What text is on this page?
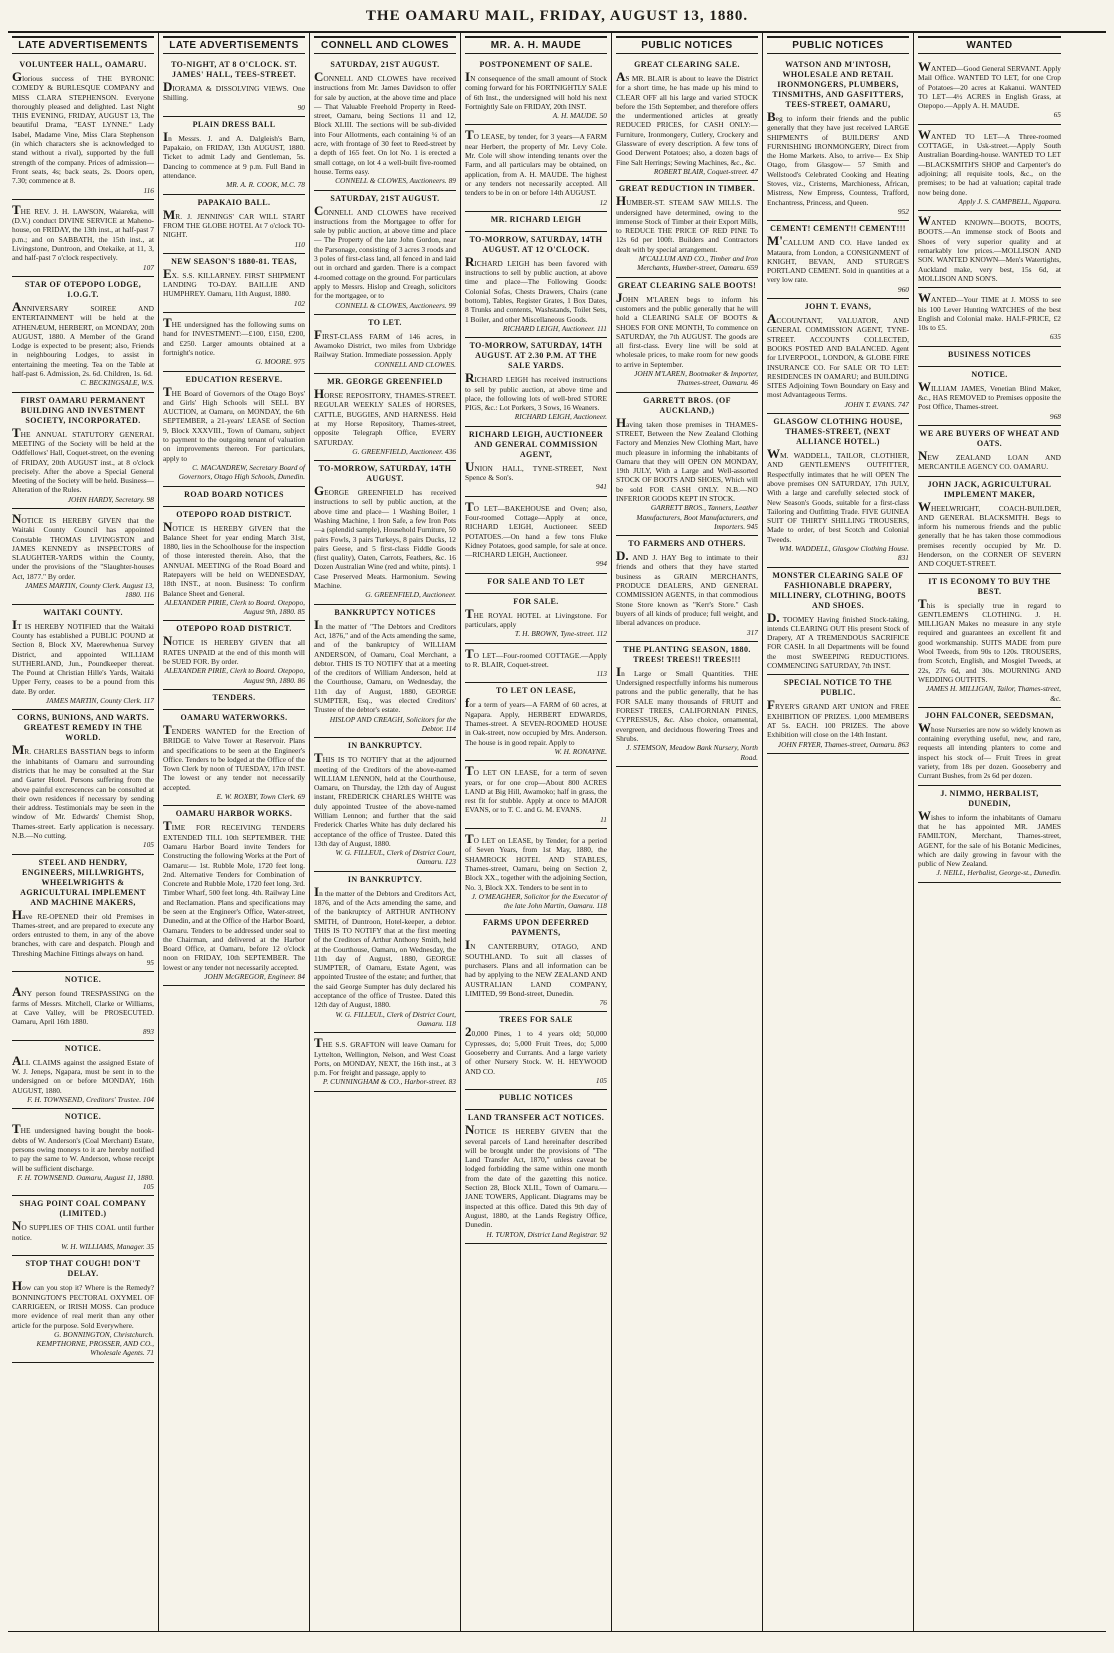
THE OAMARU MAIL, FRIDAY, AUGUST 13, 1880.
LATE ADVERTISEMENTS
VOLUNTEER HALL, OAMARU.

Glorious success of THE BYRONIC COMEDY & BURLESQUE COMPANY and MISS CLARA STEPHENSON. Everyone thoroughly pleased and delighted. Last Night THIS EVENING, FRIDAY, AUGUST 13, The beautiful Drama, "EAST LYNNE." Lady Isabel, Madame Vine, Miss Clara Stephenson (in which characters she is acknowledged to stand without a rival), supported by the full strength of the company. Prices of admission—Front seats, 4s; back seats, 2s. Doors open, 7.30; commence at 8.

116

THE REV. J. H. LAWSON, Waiareka, will (D.V.) conduct DIVINE SERVICE at Maheno-house, on FRIDAY, the 13th inst., at half-past 7 p.m.; and on SABBATH, the 15th inst., at Livingstone, Duntroon, and Otekaike, at 11, 3, and half-past 7 o'clock respectively.

107
STAR OF OTEPOPO LODGE, I.O.G.T.

ANNIVERSARY SOIREE AND ENTERTAINMENT will be held at the ATHENÆUM, HERBERT, on MONDAY, 20th AUGUST, 1880. A Member of the Grand Lodge is expected to be present; also, Friends in neighbouring Lodges, to assist in entertaining the meeting. Tea on the Table at half-past 6. Admission, 2s. 6d. Children, 1s. 6d.

C. BECKINGSALE, W.S.
FIRST OAMARU PERMANENT BUILDING AND INVESTMENT SOCIETY, INCORPORATED.

THE ANNUAL STATUTORY GENERAL MEETING of the Society will be held at the Oddfellows' Hall, Coquet-street, on the evening of FRIDAY, 20th AUGUST inst., at 8 o'clock precisely. After the above a Special General Meeting of the Society will be held. Business—Alteration of the Rules.

JOHN HARDY, Secretary. 98

NOTICE IS HEREBY GIVEN that the Waitaki County Council has appointed Constable THOMAS LIVINGSTON and JAMES KENNEDY as INSPECTORS of SLAUGHTER-YARDS within the County, under the provisions of the "Slaughter-houses Act, 1877." By order.

JAMES MARTIN, County Clerk. August 13, 1880. 116
WAITAKI COUNTY.

IT IS HEREBY NOTIFIED that the Waitaki County has established a PUBLIC POUND at Section 8, Block XV, Maerewhenua Survey District, and appointed WILLIAM SUTHERLAND, Jun., Poundkeeper thereat. The Pound at Christian Hille's Yards, Waitaki Upper Ferry, ceases to be a pound from this date. By order.

JAMES MARTIN, County Clerk. 117
CORNS, BUNIONS, AND WARTS. GREATEST REMEDY IN THE WORLD.

MR. CHARLES BASSTIAN begs to inform the inhabitants of Oamaru and surrounding districts that he may be consulted at the Star and Garter Hotel. Persons suffering from the above painful excrescences can be consulted at their own residences if necessary by sending their address. Testimonials may be seen in the window of Mr. Edwards' Chemist Shop, Thames-street. Early application is necessary. N.B.—No cutting.

105
STEEL AND HENDRY, ENGINEERS, MILLWRIGHTS, WHEELWRIGHTS & AGRICULTURAL IMPLEMENT AND MACHINE MAKERS,

Have RE-OPENED their old Premises in Thames-street, and are prepared to execute any orders entrusted to them, in any of the above branches, with care and despatch. Plough and Threshing Machine Fittings always on hand.

95
NOTICE.

ANY person found TRESPASSING on the farms of Messrs. Mitchell, Clarke or Williams, at Cave Valley, will be PROSECUTED. Oamaru, April 16th 1880.

893
NOTICE.

ALL CLAIMS against the assigned Estate of W. J. Jeneps, Ngapara, must be sent in to the undersigned on or before MONDAY, 16th AUGUST, 1880.

F. H. TOWNSEND, Creditors' Trustee. 104
NOTICE.

THE undersigned having bought the book-debts of W. Anderson's (Coal Merchant) Estate, persons owing moneys to it are hereby notified to pay the same to W. Anderson, whose receipt will be sufficient discharge.

F. H. TOWNSEND. Oamaru, August 11, 1880. 105
SHAG POINT COAL COMPANY (LIMITED.)

NO SUPPLIES OF THIS COAL until further notice.

W. H. WILLIAMS, Manager. 35
STOP THAT COUGH! DON'T DELAY.

How can you stop it? Where is the Remedy? BONNINGTON'S PECTORAL OXYMEL OF CARRIGEEN, or IRISH MOSS. Can produce more evidence of real merit than any other article for the purpose. Sold Everywhere.

G. BONNINGTON, Christchurch. KEMPTHORNE, PROSSER, AND CO., Wholesale Agents. 71
LATE ADVERTISEMENTS
TO-NIGHT, AT 8 O'CLOCK. ST. JAMES' HALL, TEES-STREET.

DIORAMA & DISSOLVING VIEWS. One Shilling.

90
PLAIN DRESS BALL

In Messrs. J. and A. Dalgleish's Barn, Papakaio, on FRIDAY, 13th AUGUST, 1880. Ticket to admit Lady and Gentleman, 5s. Dancing to commence at 9 p.m. Full Band in attendance.

MR. A. R. COOK, M.C. 78
PAPAKAIO BALL.

MR. J. JENNINGS' CAR WILL START FROM THE GLOBE HOTEL At 7 o'clock TO-NIGHT.

110
NEW SEASON'S 1880-81. TEAS,

EX. S.S. KILLARNEY. FIRST SHIPMENT LANDING TO-DAY. BAILLIE AND HUMPHREY. Oamaru, 11th August, 1880.

102

THE undersigned has the following sums on hand for INVESTMENT:—£100, £150, £200, and £250. Larger amounts obtained at a fortnight's notice.

G. MOORE. 975
EDUCATION RESERVE.

THE Board of Governors of the Otago Boys' and Girls' High Schools will SELL BY AUCTION, at Oamaru, on MONDAY, the 6th SEPTEMBER, a 21-years' LEASE of Section 9, Block XXXVIII., Town of Oamaru, subject to payment to the outgoing tenant of valuation on improvements thereon. For particulars, apply to

C. MACANDREW, Secretary Board of Governors, Otago High Schools, Dunedin.
ROAD BOARD NOTICES

OTEPOPO ROAD DISTRICT.

NOTICE IS HEREBY GIVEN that the Balance Sheet for year ending March 31st, 1880, lies in the Schoolhouse for the inspection of those interested therein. Also, that the ANNUAL MEETING of the Road Board and Ratepayers will be held on WEDNESDAY, 18th INST., at noon. Business: To confirm Balance Sheet and General.

ALEXANDER PIRIE, Clerk to Board. Otepopo, August 9th, 1880. 85
OTEPOPO ROAD DISTRICT.

NOTICE IS HEREBY GIVEN that all RATES UNPAID at the end of this month will be SUED FOR. By order.

ALEXANDER PIRIE, Clerk to Board. Otepopo, August 9th, 1880. 86
TENDERS.

OAMARU WATERWORKS.

TENDERS WANTED for the Erection of BRIDGE to Valve Tower at Reservoir. Plans and specifications to be seen at the Engineer's Office. Tenders to be lodged at the Office of the Town Clerk by noon of TUESDAY, 17th INST. The lowest or any tender not necessarily accepted.

E. W. ROXBY, Town Clerk. 69
OAMARU HARBOR WORKS.

TIME FOR RECEIVING TENDERS EXTENDED TILL 10th SEPTEMBER. THE Oamaru Harbor Board invite Tenders for Constructing the following Works at the Port of Oamaru:— 1st. Rubble Mole, 1720 feet long. 2nd. Alternative Tenders for Combination of Concrete and Rubble Mole, 1720 feet long. 3rd. Timber Wharf, 500 feet long. 4th. Railway Line and Reclamation. Plans and specifications may be seen at the Engineer's Office, Water-street, Dunedin, and at the Office of the Harbor Board, Oamaru. Tenders to be addressed under seal to the Chairman, and delivered at the Harbor Board Office, at Oamaru, before 12 o'clock noon on FRIDAY, 10th SEPTEMBER. The lowest or any tender not necessarily accepted.

JOHN McGREGOR, Engineer. 84
CONNELL AND CLOWES
SATURDAY, 21ST AUGUST.

CONNELL AND CLOWES have received instructions from Mr. James Davidson to offer for sale by auction, at the above time and place— That Valuable Freehold Property in Reed-street, Oamaru, being Sections 11 and 12, Block XLIII. The sections will be sub-divided into Four Allotments, each containing ¼ of an acre, with frontage of 30 feet to Reed-street by a depth of 165 feet. On lot No. 1 is erected a small cottage, on lot 4 a well-built five-roomed house. Terms easy.

CONNELL & CLOWES, Auctioneers. 89
SATURDAY, 21ST AUGUST.

CONNELL AND CLOWES have received instructions from the Mortgagee to offer for sale by public auction, at above time and place— The Property of the late John Gordon, near the Parsonage, consisting of 3 acres 3 roods and 3 poles of first-class land, all fenced in and laid out in orchard and garden. There is a compact 4-roomed cottage on the ground. For particulars apply to Messrs. Hislop and Creagh, solicitors for the mortgagee, or to

CONNELL & CLOWES, Auctioneers. 99
TO LET.

FIRST-CLASS FARM of 146 acres, in Awamoko District, two miles from Uxbridge Railway Station. Immediate possession. Apply

CONNELL AND CLOWES.
MR. GEORGE GREENFIELD

HORSE REPOSITORY, THAMES-STREET. REGULAR WEEKLY SALES of HORSES, CATTLE, BUGGIES, AND HARNESS. Held at my Horse Repository, Thames-street, opposite Telegraph Office, EVERY SATURDAY.

G. GREENFIELD, Auctioneer. 436
TO-MORROW, SATURDAY, 14TH AUGUST.

GEORGE GREENFIELD has received instructions to sell by public auction, at the above time and place— 1 Washing Boiler, 1 Washing Machine, 1 Iron Safe, a few Iron Pots—a (splendid sample), Household Furniture, 50 pairs Fowls, 3 pairs Turkeys, 8 pairs Ducks, 12 pairs Geese, and 5 first-class Fiddle Goods (first quality), Oaten, Carrots, Feathers, &c. 16 Dozen Australian Wine (red and white, pints). 1 Case Preserved Meats. Harmonium. Sewing Machine.

G. GREENFIELD, Auctioneer.
BANKRUPTCY NOTICES

In the matter of "The Debtors and Creditors Act, 1876," and of the Acts amending the same, and of the bankruptcy of WILLIAM ANDERSON, of Oamaru, Coal Merchant, a debtor. THIS IS TO NOTIFY that at a meeting of the creditors of William Anderson, held at the Courthouse, Oamaru, on Wednesday, the 11th day of August, 1880, GEORGE SUMPTER, Esq., was elected Creditors' Trustee of the debtor's estate.

HISLOP AND CREAGH, Solicitors for the Debtor. 114
IN BANKRUPTCY.

THIS IS TO NOTIFY that at the adjourned meeting of the Creditors of the above-named WILLIAM LENNON, held at the Courthouse, Oamaru, on Thursday, the 12th day of August instant, FREDERICK CHARLES WHITE was duly appointed Trustee of the above-named William Lennon; and further that the said Frederick Charles White has duly declared his acceptance of the office of Trustee. Dated this 13th day of August, 1880.

W. G. FILLEUL, Clerk of District Court, Oamaru. 123
IN BANKRUPTCY.

In the matter of the Debtors and Creditors Act, 1876, and of the Acts amending the same, and of the bankruptcy of ARTHUR ANTHONY SMITH, of Duntroon, Hotel-keeper, a debtor. THIS IS TO NOTIFY that at the first meeting of the Creditors of Arthur Anthony Smith, held at the Courthouse, Oamaru, on Wednesday, the 11th day of August, 1880, GEORGE SUMPTER, of Oamaru, Estate Agent, was appointed Trustee of the estate; and further, that the said George Sumpter has duly declared his acceptance of the office of Trustee. Dated this 12th day of August, 1880.

W. G. FILLEUL, Clerk of District Court, Oamaru. 118

THE S.S. GRAFTON will leave Oamaru for Lyttelton, Wellington, Nelson, and West Coast Ports, on MONDAY, NEXT, the 16th inst., at 3 p.m. For freight and passage, apply to

P. CUNNINGHAM & CO., Harbor-street. 83
MR. A. H. MAUDE
POSTPONEMENT OF SALE.

IN consequence of the small amount of Stock coming forward for his FORTNIGHTLY SALE of 6th Inst., the undersigned will hold his next Fortnightly Sale on FRIDAY, 20th INST.

A. H. MAUDE. 50

TO LEASE, by tender, for 3 years—A FARM near Herbert, the property of Mr. Levy Cole. Mr. Cole will show intending tenants over the Farm, and all particulars may be obtained, on application, from A. H. MAUDE. The highest or any tenders not necessarily accepted. All tenders to be in on or before 14th AUGUST.

12
MR. RICHARD LEIGH

TO-MORROW, SATURDAY, 14TH AUGUST. AT 12 O'CLOCK.

RICHARD LEIGH has been favored with instructions to sell by public auction, at above time and place—The Following Goods: Colonial Sofas, Chests Drawers, Chairs (cane bottom), Tables, Register Grates, 1 Box Dates, 8 Trunks and contents, Washstands, Toilet Sets, 1 Boiler, and other Miscellaneous Goods.

RICHARD LEIGH, Auctioneer. 111
TO-MORROW, SATURDAY, 14TH AUGUST. AT 2.30 P.M. AT THE SALE YARDS.

RICHARD LEIGH has received instructions to sell by public auction, at above time and place, the following lots of well-bred STORE PIGS, &c.: Lot Porkers, 3 Sows, 16 Weaners.

RICHARD LEIGH, Auctioneer.
RICHARD LEIGH, AUCTIONEER AND GENERAL COMMISSION AGENT,

UNION HALL, TYNE-STREET, Next Spence & Son's.

941

TO LET—BAKEHOUSE and Oven; also, Four-roomed Cottage—Apply at once, RICHARD LEIGH, Auctioneer. SEED POTATOES.—On hand a few tons Fluke Kidney Potatoes, good sample, for sale at once.—RICHARD LEIGH, Auctioneer.

994
FOR SALE AND TO LET

FOR SALE.

THE ROYAL HOTEL at Livingstone. For particulars, apply

T. H. BROWN, Tyne-street. 112

TO LET—Four-roomed COTTAGE.—Apply to R. BLAIR, Coquet-street.

113
TO LET ON LEASE,

for a term of years—A FARM of 60 acres, at Ngapara. Apply, HERBERT EDWARDS, Thames-street. A SEVEN-ROOMED HOUSE in Oak-street, now occupied by Mrs. Anderson. The house is in good repair. Apply to

W. H. RONAYNE.

TO LET ON LEASE, for a term of seven years, or for one crop—About 800 ACRES LAND at Big Hill, Awamoko; half in grass, the rest fit for stubble. Apply at once to MAJOR EVANS, or to T. C. and G. M. EVANS.

11

TO LET on LEASE, by Tender, for a period of Seven Years, from 1st May, 1880, the SHAMROCK HOTEL AND STABLES, Thames-street, Oamaru, being on Section 2, Block XX., together with the adjoining Section, No. 3, Block XX. Tenders to be sent in to

J. O'MEAGHER, Solicitor for the Executor of the late John Martin, Oamaru. 118
FARMS UPON DEFERRED PAYMENTS,

IN CANTERBURY, OTAGO, AND SOUTHLAND. To suit all classes of purchasers. Plans and all information can be had by applying to the NEW ZEALAND AND AUSTRALIAN LAND COMPANY, LIMITED, 99 Bond-street, Dunedin.

76
TREES FOR SALE

20,000 Pines, 1 to 4 years old; 50,000 Cypresses, do; 5,000 Fruit Trees, do; 5,000 Gooseberry and Currants. And a large variety of other Nursery Stock. W. H. HEYWOOD AND CO.

105
PUBLIC NOTICES

LAND TRANSFER ACT NOTICES.

NOTICE IS HEREBY GIVEN that the several parcels of Land hereinafter described will be brought under the provisions of "The Land Transfer Act, 1870," unless caveat be lodged forbidding the same within one month from the date of the gazetting this notice. Section 28, Block XLII., Town of Oamaru.—JANE TOWERS, Applicant. Diagrams may be inspected at this office. Dated this 9th day of August, 1880, at the Lands Registry Office, Dunedin.

H. TURTON, District Land Registrar. 92
PUBLIC NOTICES
GREAT CLEARING SALE.

AS MR. BLAIR is about to leave the District for a short time, he has made up his mind to CLEAR OFF all his large and varied STOCK before the 15th September, and therefore offers the undermentioned articles at greatly REDUCED PRICES, for CASH ONLY:— Furniture, Ironmongery, Cutlery, Crockery and Glassware of every description. A few tons of Good Derwent Potatoes; also, a dozen bags of Fine Salt Herrings; Sewing Machines, &c., &c.

ROBERT BLAIR, Coquet-street. 47
GREAT REDUCTION IN TIMBER.

HUMBER-ST. STEAM SAW MILLS. The undersigned have determined, owing to the immense Stock of Timber at their Export Mills, to REDUCE THE PRICE OF RED PINE To 12s 6d per 100ft. Builders and Contractors dealt with by special arrangement.

M'CALLUM AND CO., Timber and Iron Merchants, Humber-street, Oamaru. 659
GREAT CLEARING SALE BOOTS!

JOHN M'LAREN begs to inform his customers and the public generally that he will hold a CLEARING SALE OF BOOTS & SHOES FOR ONE MONTH, To commence on SATURDAY, the 7th AUGUST. The goods are all first-class. Every line will be sold at wholesale prices, to make room for new goods to arrive in September.

JOHN M'LAREN, Bootmaker & Importer, Thames-street, Oamaru. 46
GARRETT BROS. (OF AUCKLAND,)

Having taken those premises in THAMES-STREET, Between the New Zealand Clothing Factory and Menzies New Clothing Mart, have much pleasure in informing the inhabitants of Oamaru that they will OPEN ON MONDAY, 19th JULY, With a Large and Well-assorted STOCK OF BOOTS AND SHOES, Which will be sold FOR CASH ONLY. N.B.—NO INFERIOR GOODS KEPT IN STOCK.

GARRETT BROS., Tanners, Leather Manufacturers, Boot Manufacturers, and Importers. 945
TO FARMERS AND OTHERS.

D. AND J. HAY Beg to intimate to their friends and others that they have started business as GRAIN MERCHANTS, PRODUCE DEALERS, AND GENERAL COMMISSION AGENTS, in that commodious Stone Store known as "Kerr's Store." Cash buyers of all kinds of produce; full weight, and liberal advances on produce.

317
THE PLANTING SEASON, 1880. TREES! TREES!! TREES!!!

In Large or Small Quantities. THE Undersigned respectfully informs his numerous patrons and the public generally, that he has FOR SALE many thousands of FRUIT and FOREST TREES, CALIFORNIAN PINES, CYPRESSUS, &c. Also choice, ornamental, evergreen, and deciduous flowering Trees and Shrubs.

J. STEMSON, Meadow Bank Nursery, North Road.
PUBLIC NOTICES
WATSON AND M'INTOSH, WHOLESALE AND RETAIL IRONMONGERS, PLUMBERS, TINSMITHS, AND GASFITTERS, TEES-STREET, OAMARU,

Beg to inform their friends and the public generally that they have just received LARGE SHIPMENTS of BUILDERS' AND FURNISHING IRONMONGERY, Direct from the Home Markets. Also, to arrive— Ex Ship Otago, from Glasgow— 57 Smith and Wellstood's Celebrated Cooking and Heating Stoves, viz., Cristerns, Marchioness, African, Mistress, New Empress, Countess, Trafford, Enchantress, Princess, and Queen.

952
CEMENT! CEMENT!! CEMENT!!!

M'CALLUM AND CO. Have landed ex Mataura, from London, a CONSIGNMENT of KNIGHT, BEVAN, AND STURGE'S PORTLAND CEMENT. Sold in quantities at a very low rate.

960
JOHN T. EVANS,

ACCOUNTANT, VALUATOR, AND GENERAL COMMISSION AGENT, TYNE-STREET. ACCOUNTS COLLECTED, BOOKS POSTED AND BALANCED. Agent for LIVERPOOL, LONDON, & GLOBE FIRE INSURANCE CO. For SALE OR TO LET: RESIDENCES IN OAMARU; and BUILDING SITES Adjoining Town Boundary on Easy and most Advantageous Terms.

JOHN T. EVANS. 747
GLASGOW CLOTHING HOUSE, THAMES-STREET, (NEXT ALLIANCE HOTEL.)

WM. WADDELL, TAILOR, CLOTHIER, AND GENTLEMEN'S OUTFITTER, Respectfully intimates that he will OPEN The above premises ON SATURDAY, 17th JULY, With a large and carefully selected stock of New Season's Goods, suitable for a first-class Tailoring and Outfitting Trade. FIVE GUINEA SUIT OF THIRTY SHILLING TROUSERS, Made to order, of best Scotch and Colonial Tweeds.

WM. WADDELL, Glasgow Clothing House. 831
MONSTER CLEARING SALE OF FASHIONABLE DRAPERY, MILLINERY, CLOTHING, BOOTS AND SHOES.

D. TOOMEY Having finished Stock-taking, intends CLEARING OUT His present Stock of Drapery, AT A TREMENDOUS SACRIFICE FOR CASH. In all Departments will be found the most SWEEPING REDUCTIONS. COMMENCING SATURDAY, 7th INST.

SPECIAL NOTICE TO THE PUBLIC.

FRYER'S GRAND ART UNION and FREE EXHIBITION OF PRIZES. 1,000 MEMBERS AT 5s. EACH. 100 PRIZES. The above Exhibition will close on the 14th Instant.

JOHN FRYER, Thames-street, Oamaru. 863
WANTED

WANTED—Good General SERVANT. Apply Mail Office. WANTED TO LET, for one Crop of Potatoes—20 acres at Kakanui. WANTED TO LET—4½ ACRES in English Grass, at Otepopo.—Apply A. H. MAUDE.

65

WANTED TO LET—A Three-roomed COTTAGE, in Usk-street.—Apply South Australian Boarding-house. WANTED TO LET—BLACKSMITH'S SHOP and Carpenter's do adjoining; all requisite tools, &c., on the premises; to be had at valuation; capital trade now being done.

Apply J. S. CAMPBELL, Ngapara.

WANTED KNOWN—BOOTS, BOOTS, BOOTS.—An immense stock of Boots and Shoes of very superior quality and at remarkably low prices.—MOLLISON AND SON. WANTED KNOWN—Men's Watertights, Auckland make, very best, 15s 6d, at MOLLISON AND SON'S.

WANTED—Your TIME at J. MOSS to see his 100 Lever Hunting WATCHES of the best English and Colonial make. HALF-PRICE, £2 10s to £5.

635
BUSINESS NOTICES

NOTICE.

WILLIAM JAMES, Venetian Blind Maker, &c., HAS REMOVED to Premises opposite the Post Office, Thames-street.

968
WE ARE BUYERS OF WHEAT AND OATS.

NEW ZEALAND LOAN AND MERCANTILE AGENCY CO. OAMARU.

JOHN JACK, AGRICULTURAL IMPLEMENT MAKER,

WHEELWRIGHT, COACH-BUILDER, AND GENERAL BLACKSMITH. Begs to inform his numerous friends and the public generally that he has taken those commodious premises recently occupied by Mr. D. Henderson, on the CORNER OF SEVERN AND COQUET-STREET.

IT IS ECONOMY TO BUY THE BEST.

This is specially true in regard to GENTLEMEN'S CLOTHING. J. H. MILLIGAN Makes no measure in any style required and guarantees an excellent fit and good workmanship. SUITS MADE from pure Wool Tweeds, from 90s to 120s. TROUSERS, from Scotch, English, and Mosgiel Tweeds, at 22s, 27s 6d, and 30s. MOURNING AND WEDDING OUTFITS.

JAMES H. MILLIGAN, Tailor, Thames-street, &c.
JOHN FALCONER, SEEDSMAN,

Whose Nurseries are now so widely known as containing everything useful, new, and rare, requests all intending planters to come and inspect his stock of— Fruit Trees in great variety, from 18s per dozen. Gooseberry and Currant Bushes, from 2s 6d per dozen.

J. NIMMO, HERBALIST, DUNEDIN,

Wishes to inform the inhabitants of Oamaru that he has appointed MR. JAMES FAMILTON, Merchant, Thames-street, AGENT, for the sale of his Botanic Medicines, which are daily growing in favour with the public of New Zealand.

J. NEILL, Herbalist, George-st., Dunedin.
